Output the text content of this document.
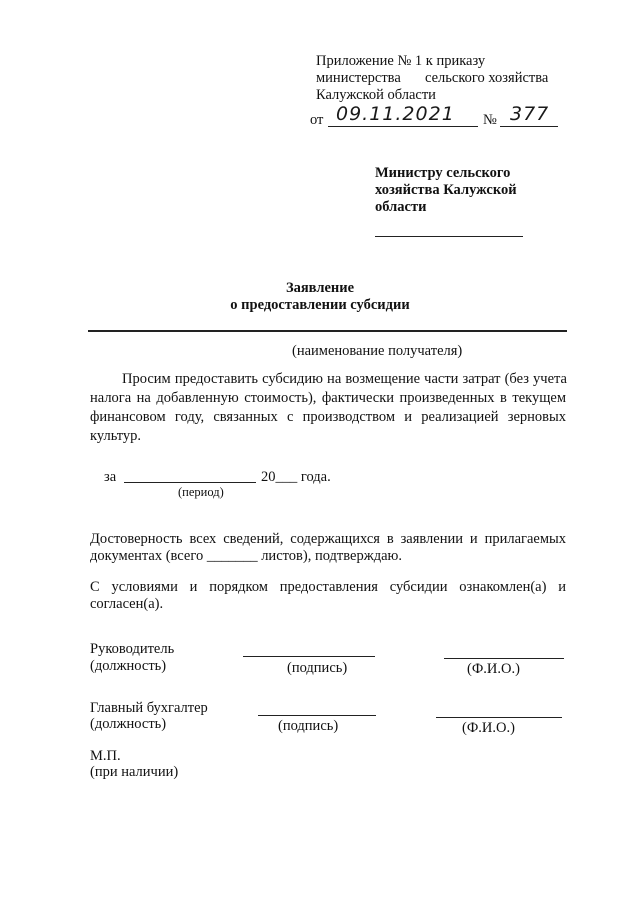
Приложение № 1 к приказу
министерства сельского хозяйства
Калужской области
от 09.11.2021 № 377
Министру сельского
хозяйства Калужской
области
Заявление
о предоставлении субсидии
(наименование получателя)
Просим предоставить субсидию на возмещение части затрат (без учета
налога на добавленную стоимость), фактически произведенных в текущем
финансовом году, связанных с производством и реализацией зерновых
культур.
за	20___ года.
(период)
Достоверность всех сведений, содержащихся в заявлении и прилагаемых
документах (всего _______ листов), подтверждаю.
С условиями и порядком предоставления субсидии ознакомлен(а) и
согласен(а).
Руководитель
(должность)	(подпись)	(Ф.И.О.)
Главный бухгалтер
(должность)	(подпись)	(Ф.И.О.)
М.П.
(при наличии)
